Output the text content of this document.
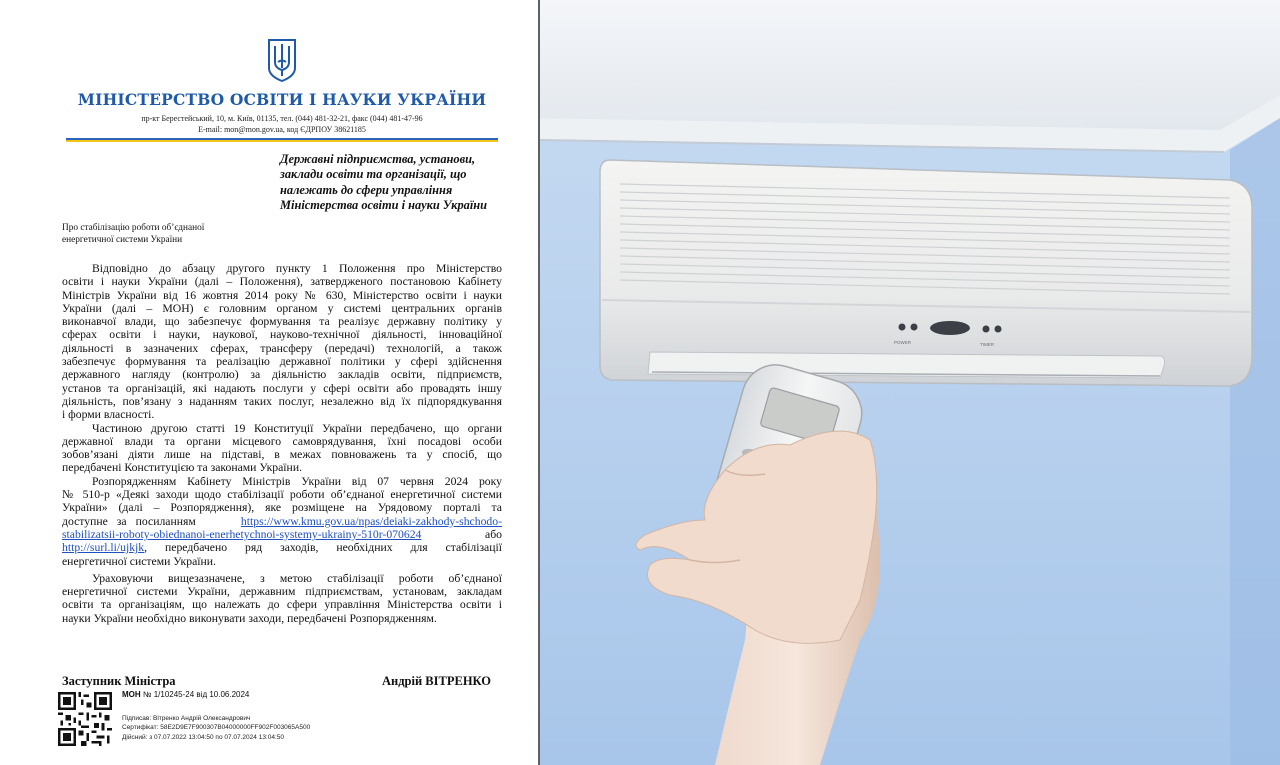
МІНІСТЕРСТВО ОСВІТИ І НАУКИ УКРАЇНИ
пр-кт Берестейський, 10, м. Київ, 01135, тел. (044) 481-32-21, факс (044) 481-47-96
E-mail: mon@mon.gov.ua, код ЄДРПОУ 38621185
Державні підприємства, установи,
заклади освіти та організації, що
належать до сфери управління
Міністерства освіти і науки України
Про стабілізацію роботи об’єднаної
енергетичної системи України
Відповідно до абзацу другого пункту 1 Положення про Міністерство
освіти і науки України (далі – Положення), затвердженого постановою Кабінету
Міністрів України від 16 жовтня 2014 року № 630, Міністерство освіти і науки
України (далі – МОН) є головним органом у системі центральних органів
виконавчої влади, що забезпечує формування та реалізує державну політику у
сферах освіти і науки, наукової, науково-технічної діяльності, інноваційної
діяльності в зазначених сферах, трансферу (передачі) технологій, а також
забезпечує формування та реалізацію державної політики у сфері здійснення
державного нагляду (контролю) за діяльністю закладів освіти, підприємств,
установ та організацій, які надають послуги у сфері освіти або провадять іншу
діяльність, пов’язану з наданням таких послуг, незалежно від їх підпорядкування
і форми власності.
Частиною другою статті 19 Конституції України передбачено, що органи
державної влади та органи місцевого самоврядування, їхні посадові особи
зобов’язані діяти лише на підставі, в межах повноважень та у спосіб, що
передбачені Конституцією та законами України.
Розпорядженням Кабінету Міністрів України від 07 червня 2024 року
№ 510-р «Деякі заходи щодо стабілізації роботи об’єднаної енергетичної системи
України» (далі – Розпорядження), яке розміщене на Урядовому порталі та
доступне за посиланням	https://www.kmu.gov.ua/npas/deiaki-zakhody-shchodo-
stabilizatsii-roboty-obiednanoi-enerhetychnoi-systemy-ukrainy-510r-070624	або
http://surl.li/ujkjk, передбачено ряд заходів, необхідних для стабілізації
енергетичної системи України.
Ураховуючи вищезазначене, з метою стабілізації роботи об’єднаної
енергетичної системи України, державним підприємствам, установам, закладам
освіти та організаціям, що належать до сфери управління Міністерства освіти і
науки України необхідно виконувати заходи, передбачені Розпорядженням.
Заступник Міністра	Андрій ВІТРЕНКО
МОН № 1/10245-24 від 10.06.2024
Підписав: Вітренко Андрій Олександрович
Сертифікат: 58E2D9E7F900307B04000000FF902F003065A500
Дійсний: з 07.07.2022 13:04:50 по 07.07.2024 13:04:50
POWER	TIMER
